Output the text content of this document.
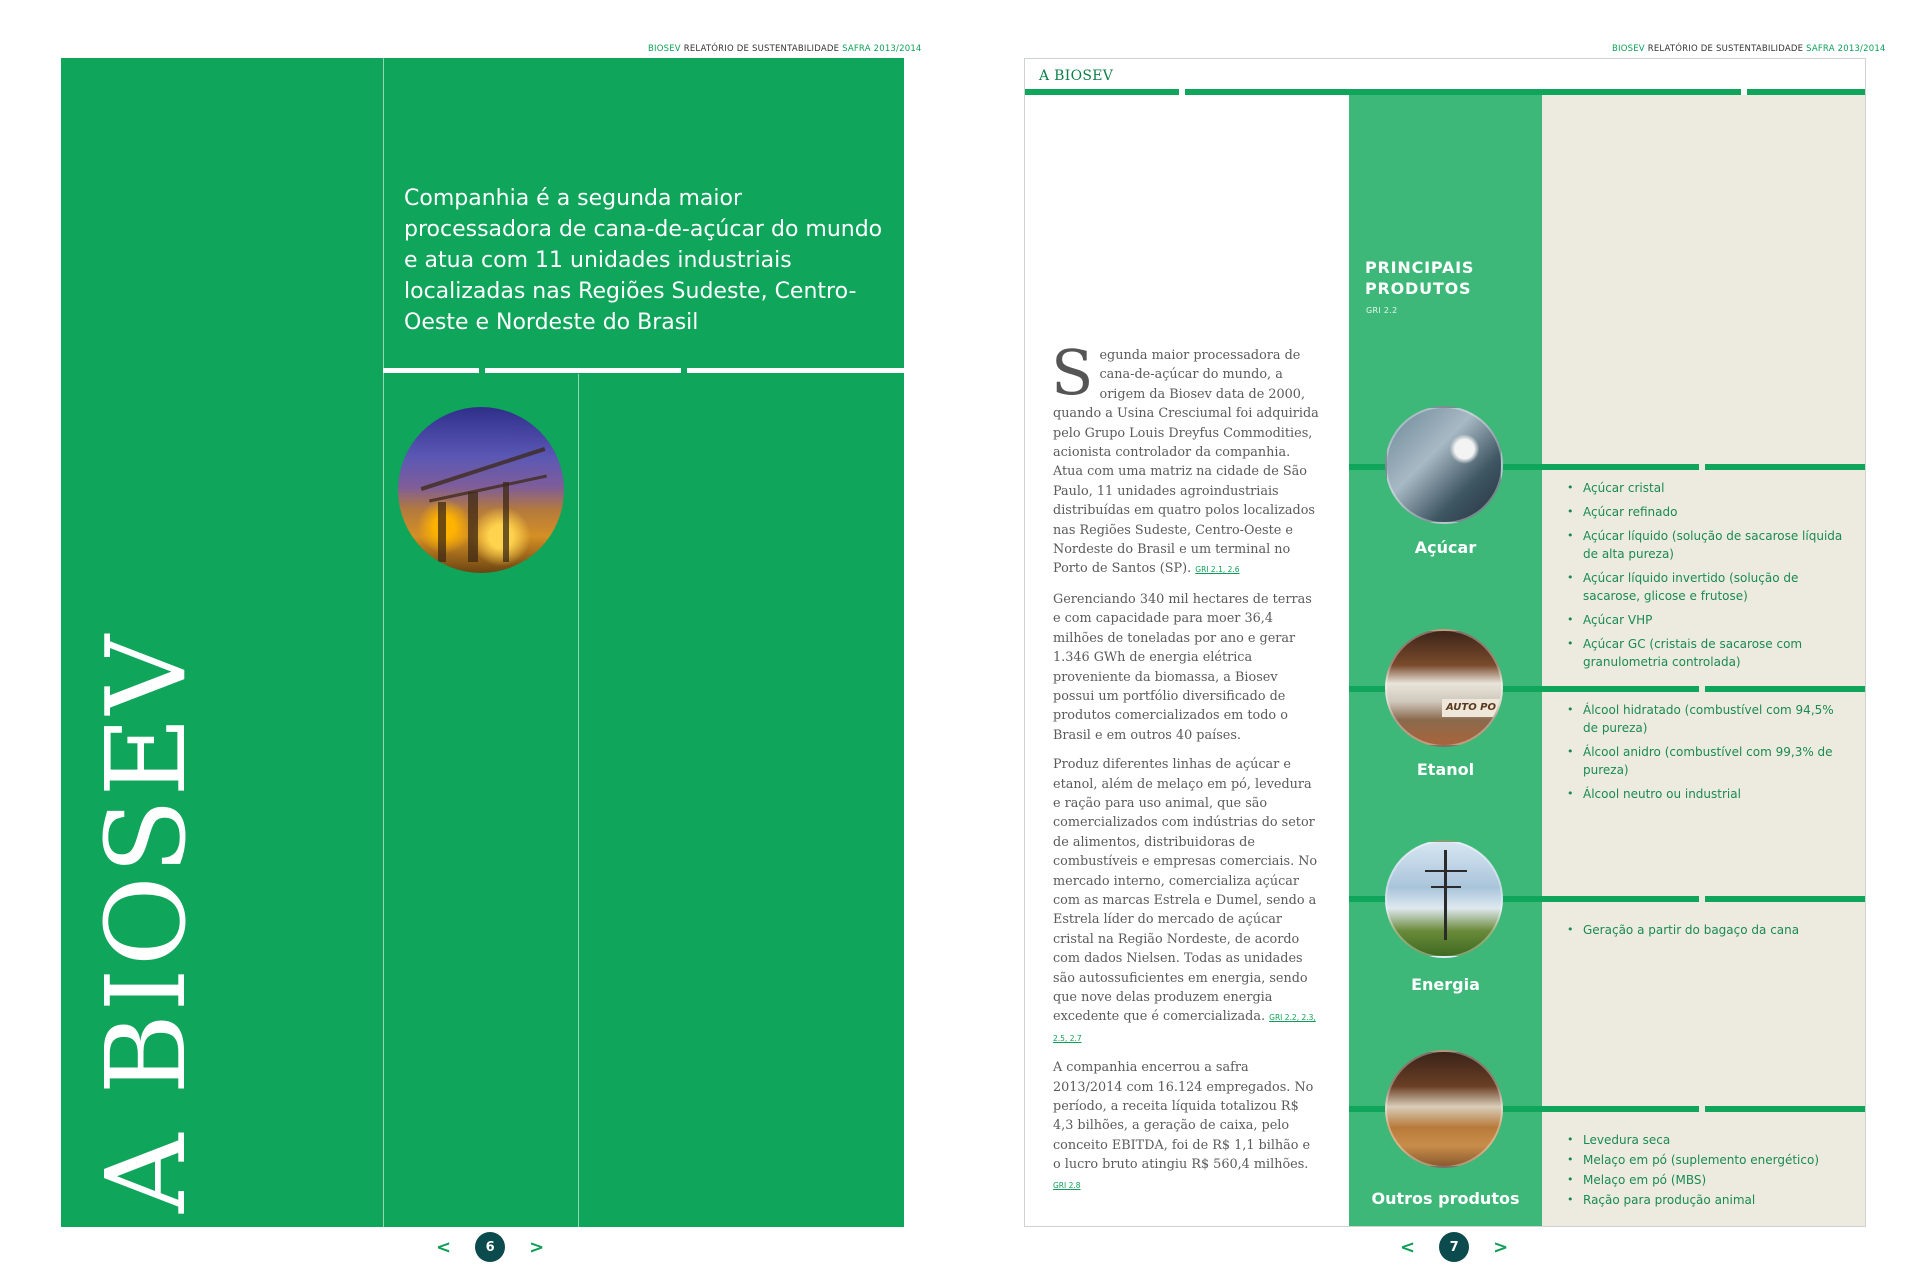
BIOSEV RELATÓRIO DE SUSTENTABILIDADE SAFRA 2013/2014
Companhia é a segunda maior processadora de cana-de-açúcar do mundo e atua com 11 unidades industriais localizadas nas Regiões Sudeste, Centro-Oeste e Nordeste do Brasil
A BIOSEV
<	6	>
BIOSEV RELATÓRIO DE SUSTENTABILIDADE SAFRA 2013/2014
A BIOSEV
PRINCIPAIS
PRODUTOS
GRI 2.2

Segunda maior processadora de cana-de-açúcar do mundo, a origem da Biosev data de 2000, quando a Usina Cresciumal foi adquirida pelo Grupo Louis Dreyfus Commodities, acionista controlador da companhia. Atua com uma matriz na cidade de São Paulo, 11 unidades agroindustriais distribuídas em quatro polos localizados nas Regiões Sudeste, Centro-Oeste e Nordeste do Brasil e um terminal no Porto de Santos (SP). GRI 2.1, 2.6

Gerenciando 340 mil hectares de terras e com capacidade para moer 36,4 milhões de toneladas por ano e gerar 1.346 GWh de energia elétrica proveniente da biomassa, a Biosev possui um portfólio diversificado de produtos comercializados em todo o Brasil e em outros 40 países.

Produz diferentes linhas de açúcar e etanol, além de melaço em pó, levedura e ração para uso animal, que são comercializados com indústrias do setor de alimentos, distribuidoras de combustíveis e empresas comerciais. No mercado interno, comercializa açúcar com as marcas Estrela e Dumel, sendo a Estrela líder do mercado de açúcar cristal na Região Nordeste, de acordo com dados Nielsen. Todas as unidades são autossuficientes em energia, sendo que nove delas produzem energia excedente que é comercializada. GRI 2.2, 2.3, 2.5, 2.7

A companhia encerrou a safra 2013/2014 com 16.124 empregados. No período, a receita líquida totalizou R$ 4,3 bilhões, a geração de caixa, pelo conceito EBITDA, foi de R$ 1,1 bilhão e o lucro bruto atingiu R$ 560,4 milhões. GRI 2.8

Açúcar
• Açúcar cristal
• Açúcar refinado
• Açúcar líquido (solução de sacarose líquida de alta pureza)
• Açúcar líquido invertido (solução de sacarose, glicose e frutose)
• Açúcar VHP
• Açúcar GC (cristais de sacarose com granulometria controlada)
AUTO PO
Etanol
• Álcool hidratado (combustível com 94,5% de pureza)
• Álcool anidro (combustível com 99,3% de pureza)
• Álcool neutro ou industrial
Energia
• Geração a partir do bagaço da cana
Outros produtos
• Levedura seca
• Melaço em pó (suplemento energético)
• Melaço em pó (MBS)
• Ração para produção animal
<	7	>
